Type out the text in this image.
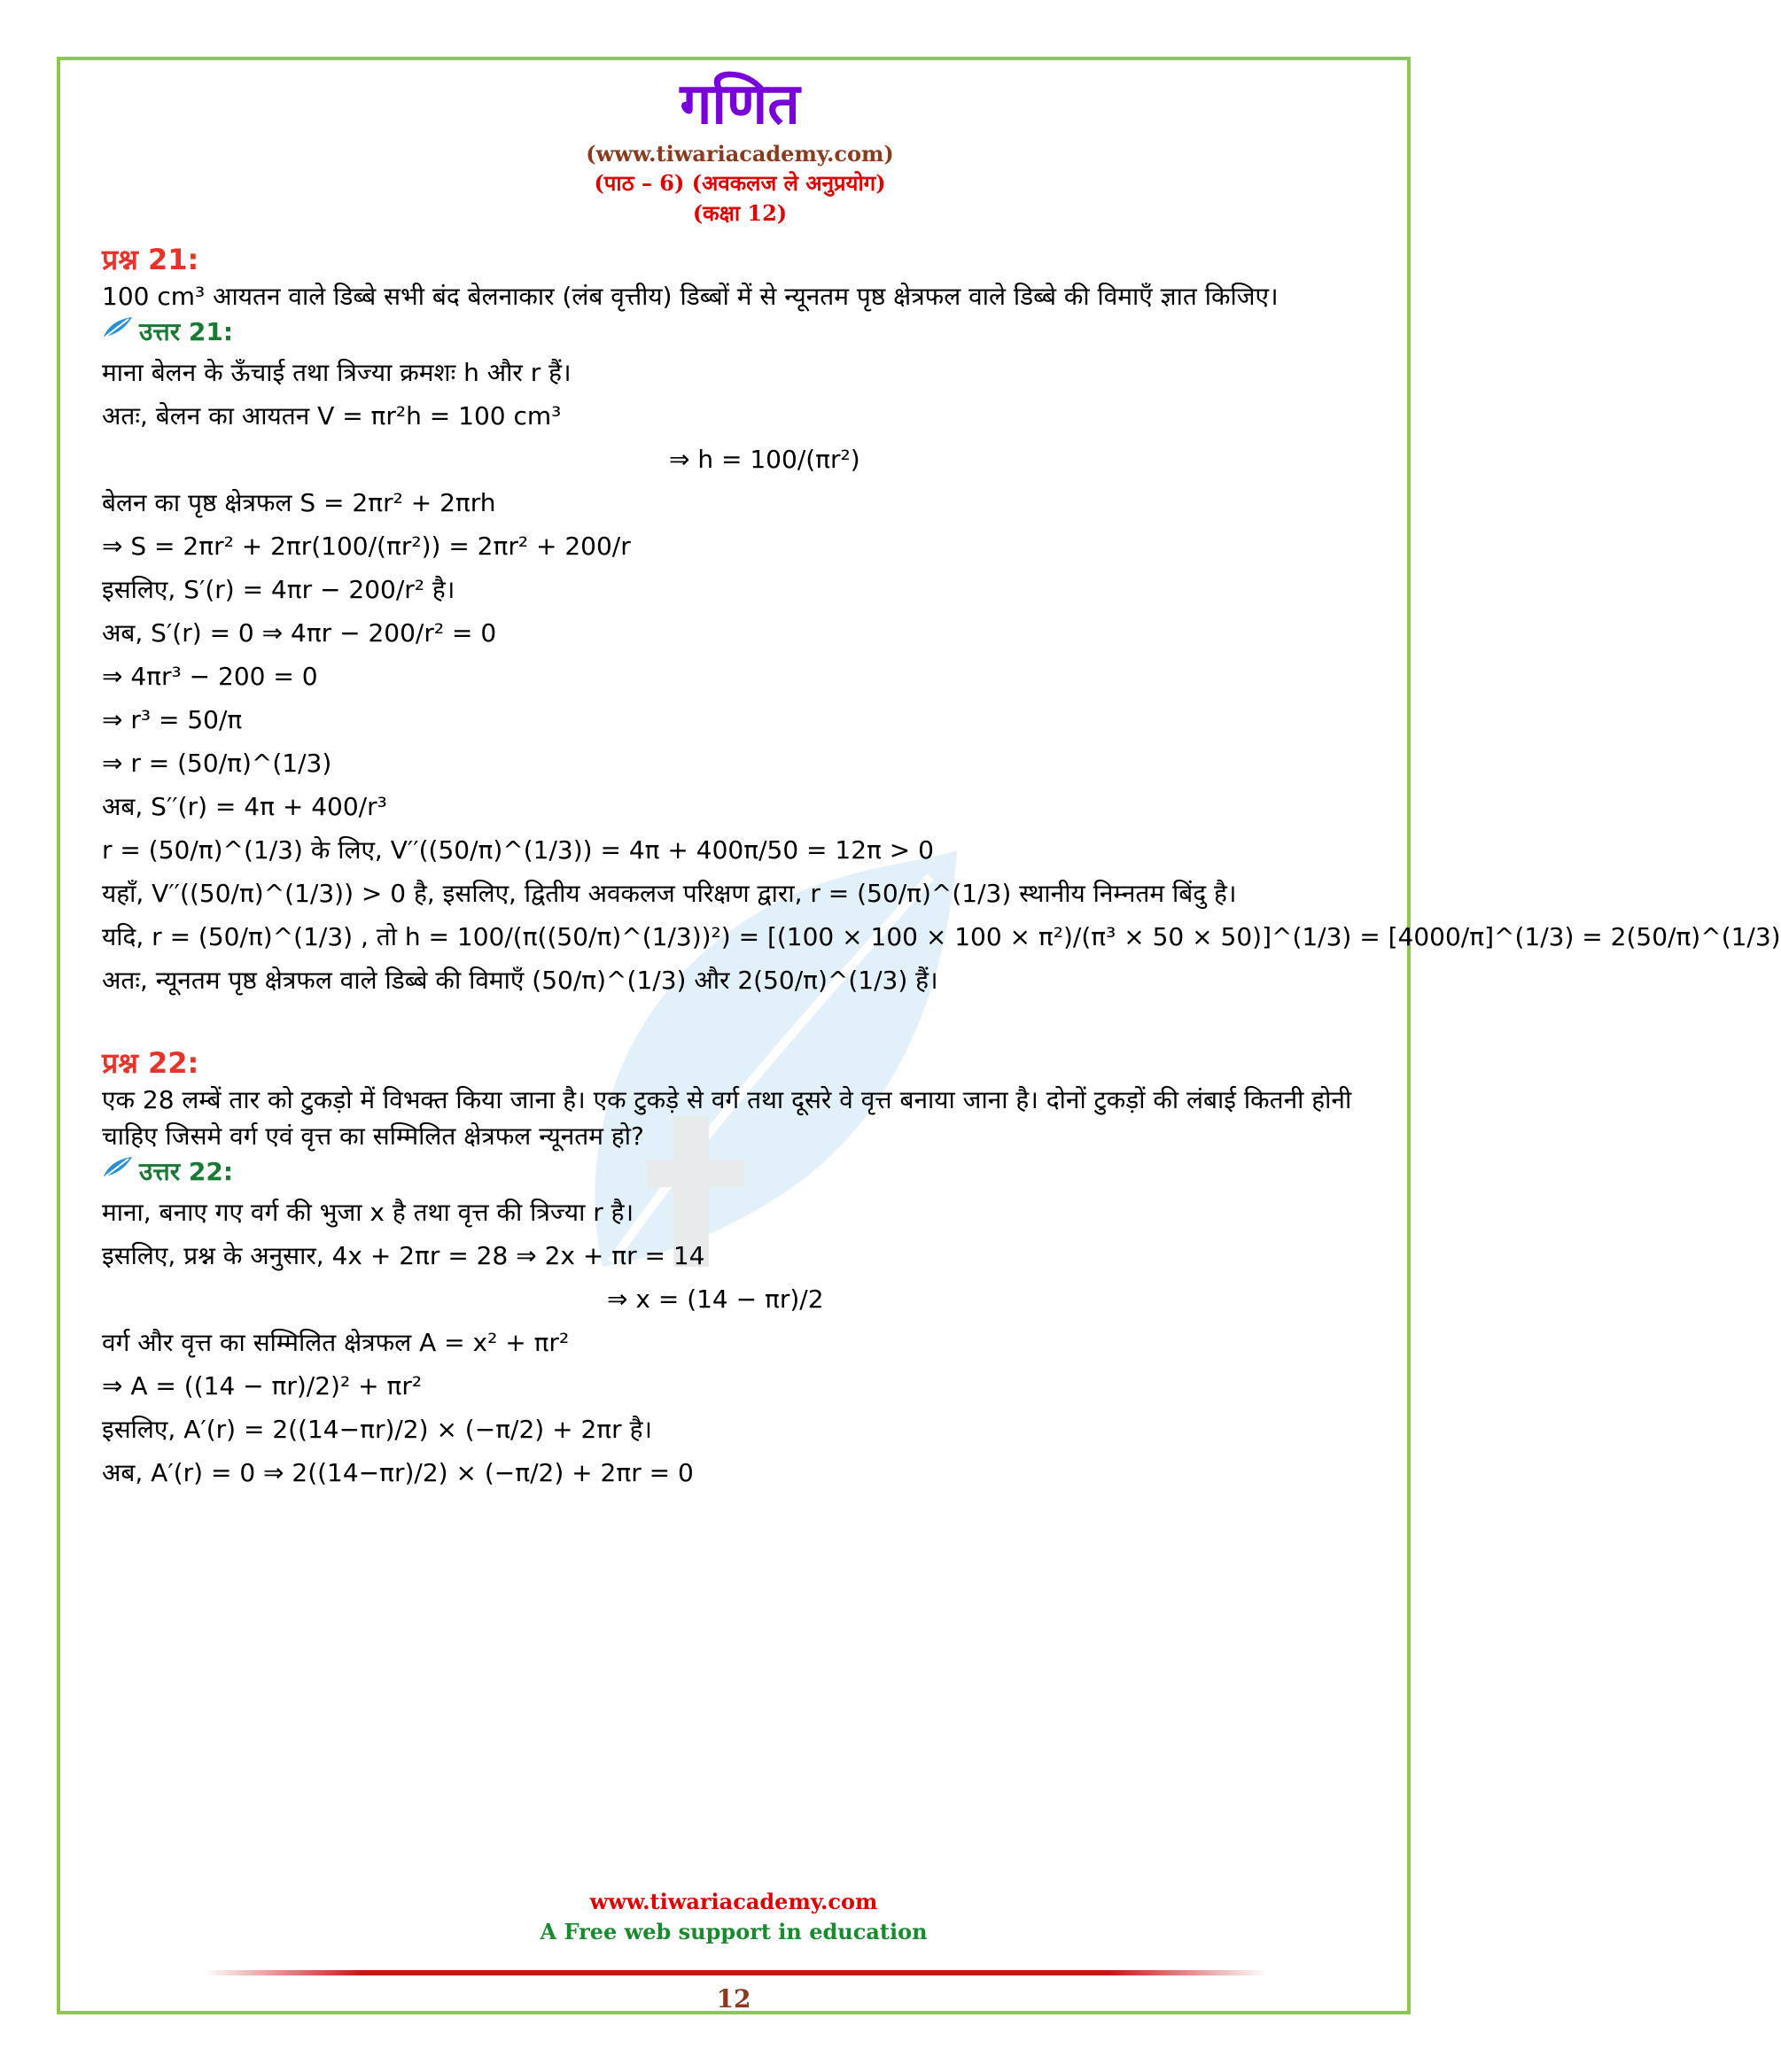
गणित
(www.tiwariacademy.com)
(पाठ – 6) (अवकलज ले अनुप्रयोग)
(कक्षा 12)
प्रश्न 21:
100 cm³ आयतन वाले डिब्बे सभी बंद बेलनाकार (लंब वृत्तीय) डिब्बों में से न्यूनतम पृष्ठ क्षेत्रफल वाले डिब्बे की विमाएँ ज्ञात किजिए।
उत्तर 21:
माना बेलन के ऊँचाई तथा त्रिज्या क्रमशः h और r हैं।
अतः, बेलन का आयतन V = πr²h = 100 cm³
⇒ h = 100/(πr²)
बेलन का पृष्ठ क्षेत्रफल S = 2πr² + 2πrh
⇒ S = 2πr² + 2πr(100/(πr²)) = 2πr² + 200/r
इसलिए, S′(r) = 4πr − 200/r² है।
अब, S′(r) = 0 ⇒ 4πr − 200/r² = 0
⇒ 4πr³ − 200 = 0
⇒ r³ = 50/π
⇒ r = (50/π)^(1/3)
अब, S′′(r) = 4π + 400/r³
r = (50/π)^(1/3) के लिए, V′′((50/π)^(1/3)) = 4π + 400π/50 = 12π > 0
यहाँ, V′′((50/π)^(1/3)) > 0 है, इसलिए, द्वितीय अवकलज परिक्षण द्वारा, r = (50/π)^(1/3) स्थानीय निम्नतम बिंदु है।
यदि, r = (50/π)^(1/3) , तो h = 100/(π((50/π)^(1/3))²) = [(100 × 100 × 100 × π²)/(π³ × 50 × 50)]^(1/3) = [4000/π]^(1/3) = 2(50/π)^(1/3)
अतः, न्यूनतम पृष्ठ क्षेत्रफल वाले डिब्बे की विमाएँ (50/π)^(1/3) और 2(50/π)^(1/3) हैं।
प्रश्न 22:
एक 28 लम्बें तार को टुकड़ो में विभक्त किया जाना है। एक टुकड़े से वर्ग तथा दूसरे वे वृत्त बनाया जाना है। दोनों टुकड़ों की लंबाई कितनी होनी चाहिए जिसमे वर्ग एवं वृत्त का सम्मिलित क्षेत्रफल न्यूनतम हो?
उत्तर 22:
माना, बनाए गए वर्ग की भुजा x है तथा वृत्त की त्रिज्या r है।
इसलिए, प्रश्न के अनुसार, 4x + 2πr = 28 ⇒ 2x + πr = 14
⇒ x = (14 − πr)/2
वर्ग और वृत्त का सम्मिलित क्षेत्रफल A = x² + πr²
⇒ A = ((14 − πr)/2)² + πr²
इसलिए, A′(r) = 2((14−πr)/2) × (−π/2) + 2πr है।
अब, A′(r) = 0 ⇒ 2((14−πr)/2) × (−π/2) + 2πr = 0
www.tiwariacademy.com
A Free web support in education
12
